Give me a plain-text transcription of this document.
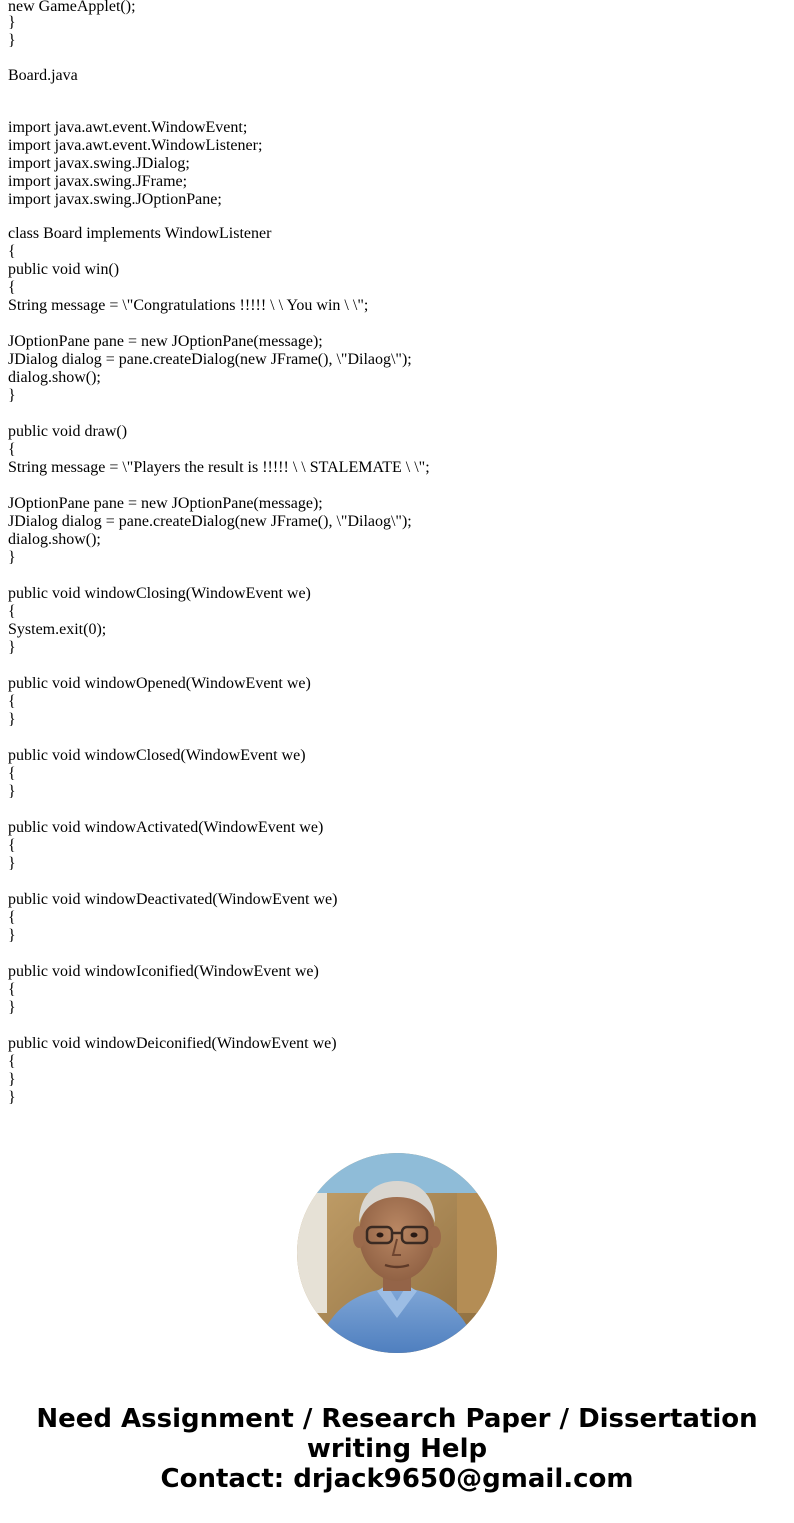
new GameApplet();
}
}
Board.java
import java.awt.event.WindowEvent;
import java.awt.event.WindowListener;
import javax.swing.JDialog;
import javax.swing.JFrame;
import javax.swing.JOptionPane;
class Board implements WindowListener
{
public void win()
{
String message = \"Congratulations !!!!! \ \ You win \ \";
JOptionPane pane = new JOptionPane(message);
JDialog dialog = pane.createDialog(new JFrame(), \"Dilaog\");
dialog.show();
}
public void draw()
{
String message = \"Players the result is !!!!! \ \ STALEMATE \ \";
JOptionPane pane = new JOptionPane(message);
JDialog dialog = pane.createDialog(new JFrame(), \"Dilaog\");
dialog.show();
}
public void windowClosing(WindowEvent we)
{
System.exit(0);
}
public void windowOpened(WindowEvent we)
{
}
public void windowClosed(WindowEvent we)
{
}
public void windowActivated(WindowEvent we)
{
}
public void windowDeactivated(WindowEvent we)
{
}
public void windowIconified(WindowEvent we)
{
}
public void windowDeiconified(WindowEvent we)
{
}
}
Need Assignment / Research Paper / Dissertation
writing Help
Contact: drjack9650@gmail.com
